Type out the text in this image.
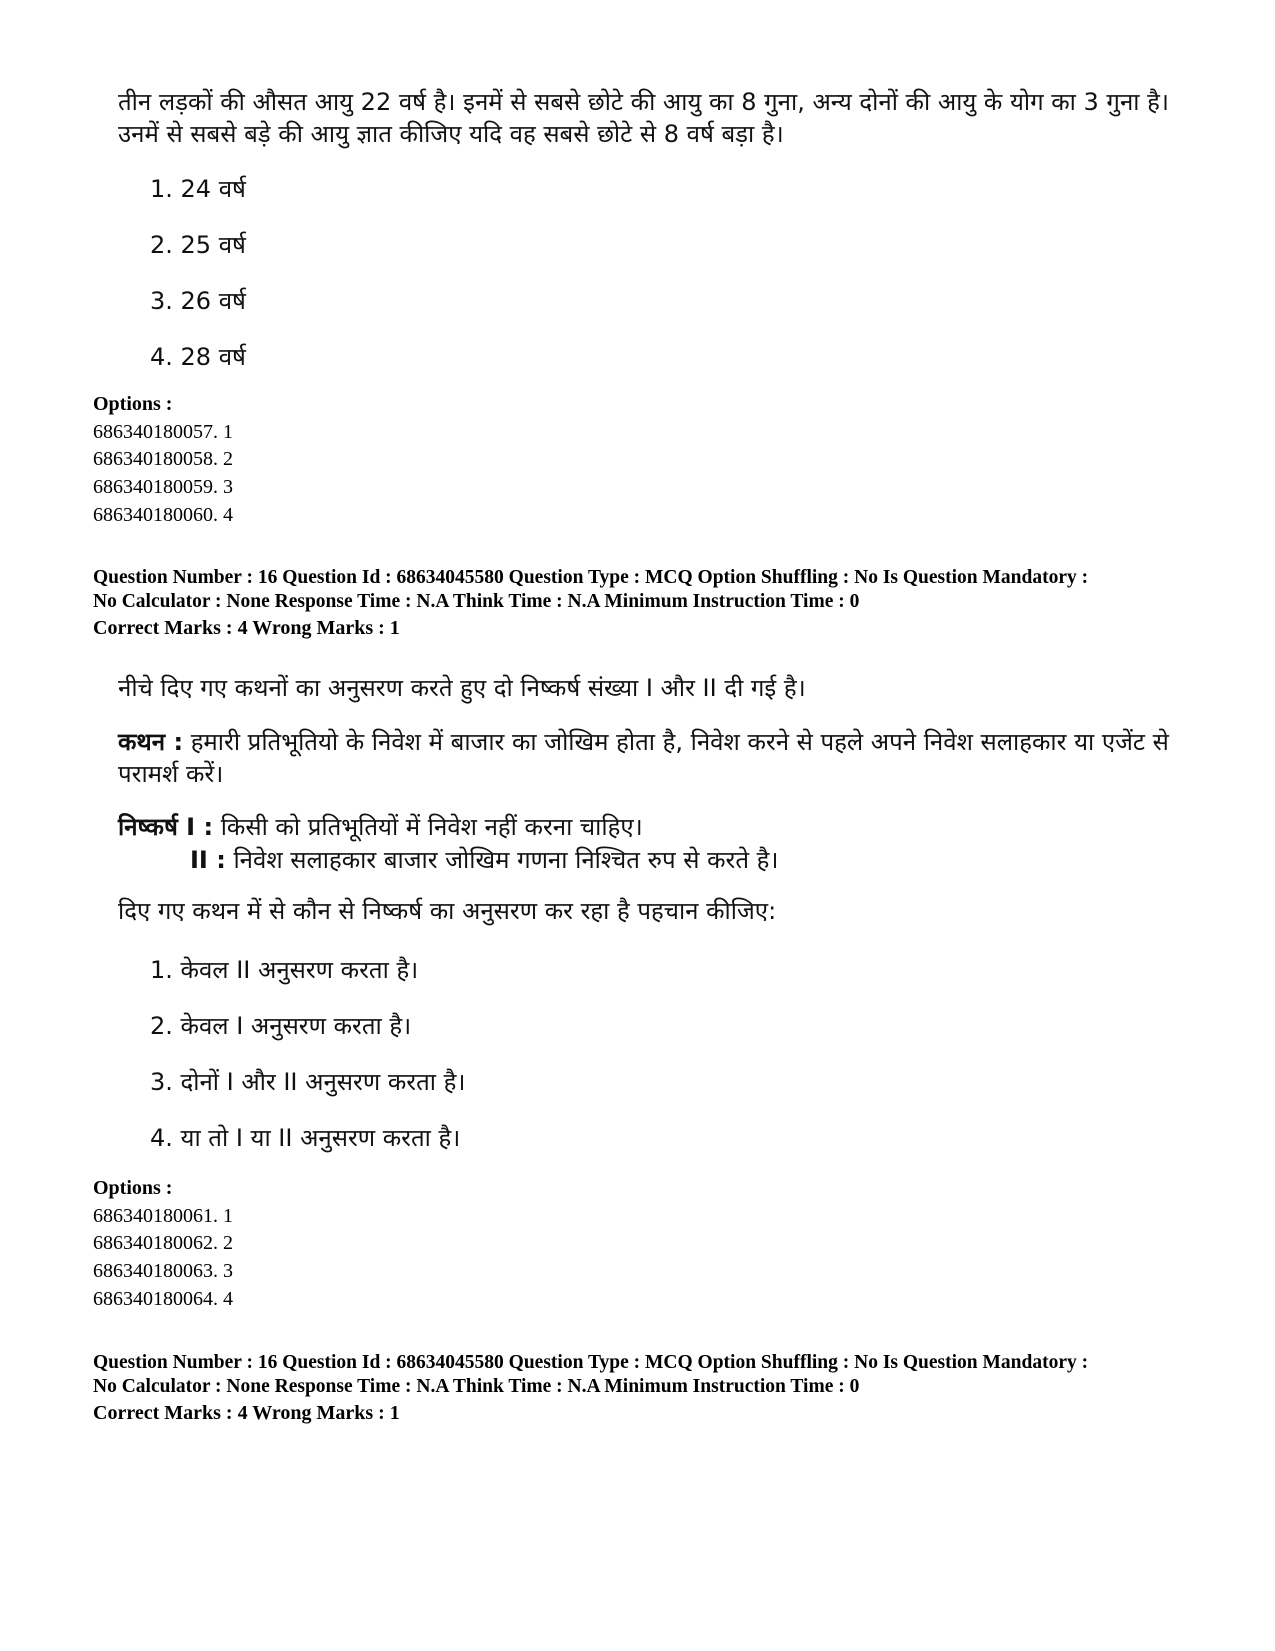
तीन लड़कों की औसत आयु 22 वर्ष है। इनमें से सबसे छोटे की आयु का 8 गुना, अन्य दोनों की आयु के योग का 3 गुना है। उनमें से सबसे बड़े की आयु ज्ञात कीजिए यदि वह सबसे छोटे से 8 वर्ष बड़ा है।
1. 24 वर्ष
2. 25 वर्ष
3. 26 वर्ष
4. 28 वर्ष
Options :
686340180057. 1
686340180058. 2
686340180059. 3
686340180060. 4
Question Number : 16 Question Id : 68634045580 Question Type : MCQ Option Shuffling : No Is Question Mandatory :
No Calculator : None Response Time : N.A Think Time : N.A Minimum Instruction Time : 0
Correct Marks : 4 Wrong Marks : 1
नीचे दिए गए कथनों का अनुसरण करते हुए दो निष्कर्ष संख्या I और II दी गई है।
कथन : हमारी प्रतिभूतियो के निवेश में बाजार का जोखिम होता है, निवेश करने से पहले अपने निवेश सलाहकार या एजेंट से परामर्श करें।
निष्कर्ष I : किसी को प्रतिभूतियों में निवेश नहीं करना चाहिए।
II : निवेश सलाहकार बाजार जोखिम गणना निश्चित रुप से करते है।
दिए गए कथन में से कौन से निष्कर्ष का अनुसरण कर रहा है पहचान कीजिए:
1. केवल II अनुसरण करता है।
2. केवल I अनुसरण करता है।
3. दोनों I और II अनुसरण करता है।
4. या तो I या II अनुसरण करता है।
Options :
686340180061. 1
686340180062. 2
686340180063. 3
686340180064. 4
Question Number : 16 Question Id : 68634045580 Question Type : MCQ Option Shuffling : No Is Question Mandatory :
No Calculator : None Response Time : N.A Think Time : N.A Minimum Instruction Time : 0
Correct Marks : 4 Wrong Marks : 1
